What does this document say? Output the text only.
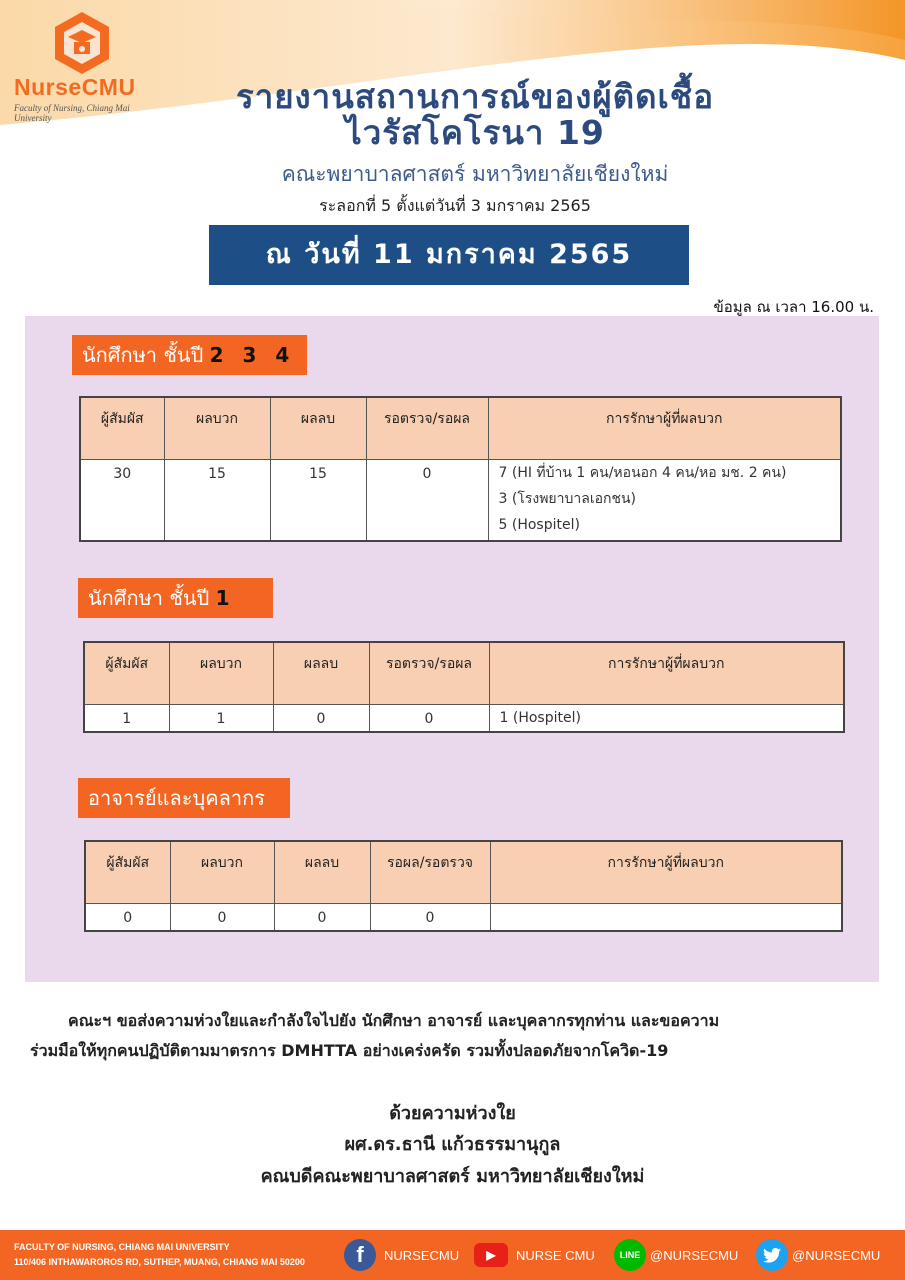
NurseCMU
Faculty of Nursing, Chiang Mai University
รายงานสถานการณ์ของผู้ติดเชื้อ
ไวรัสโคโรนา 19
คณะพยาบาลศาสตร์ มหาวิทยาลัยเชียงใหม่
ระลอกที่ 5 ตั้งแต่วันที่ 3 มกราคม 2565
ณ วันที่ 11 มกราคม 2565
ข้อมูล ณ เวลา 16.00 น.
นักศึกษา ชั้นปี 2 3 4
ผู้สัมผัส	ผลบวก	ผลลบ	รอตรวจ/รอผล	การรักษาผู้ที่ผลบวก
30	15	15	0	7 (HI ที่บ้าน 1 คน/หอนอก 4 คน/หอ มช. 2 คน)
3 (โรงพยาบาลเอกชน)
5 (Hospitel)
นักศึกษา ชั้นปี 1
ผู้สัมผัส	ผลบวก	ผลลบ	รอตรวจ/รอผล	การรักษาผู้ที่ผลบวก
1	1	0	0	1 (Hospitel)
อาจารย์และบุคลากร
ผู้สัมผัส	ผลบวก	ผลลบ	รอผล/รอตรวจ	การรักษาผู้ที่ผลบวก
0	0	0	0	
คณะฯ ขอส่งความห่วงใยและกำลังใจไปยัง นักศึกษา อาจารย์ และบุคลากรทุกท่าน และขอความ
ร่วมมือให้ทุกคนปฏิบัติตามมาตรการ DMHTTA อย่างเคร่งครัด รวมทั้งปลอดภัยจากโควิด-19
ด้วยความห่วงใย
ผศ.ดร.ธานี แก้วธรรมานุกูล
คณบดีคณะพยาบาลศาสตร์ มหาวิทยาลัยเชียงใหม่
FACULTY OF NURSING, CHIANG MAI UNIVERSITY
110/406 INTHAWAROROS RD, SUTHEP, MUANG, CHIANG MAI 50200	f	NURSECMU	▶	NURSE CMU	LINE @NURSECMU	@NURSECMU
